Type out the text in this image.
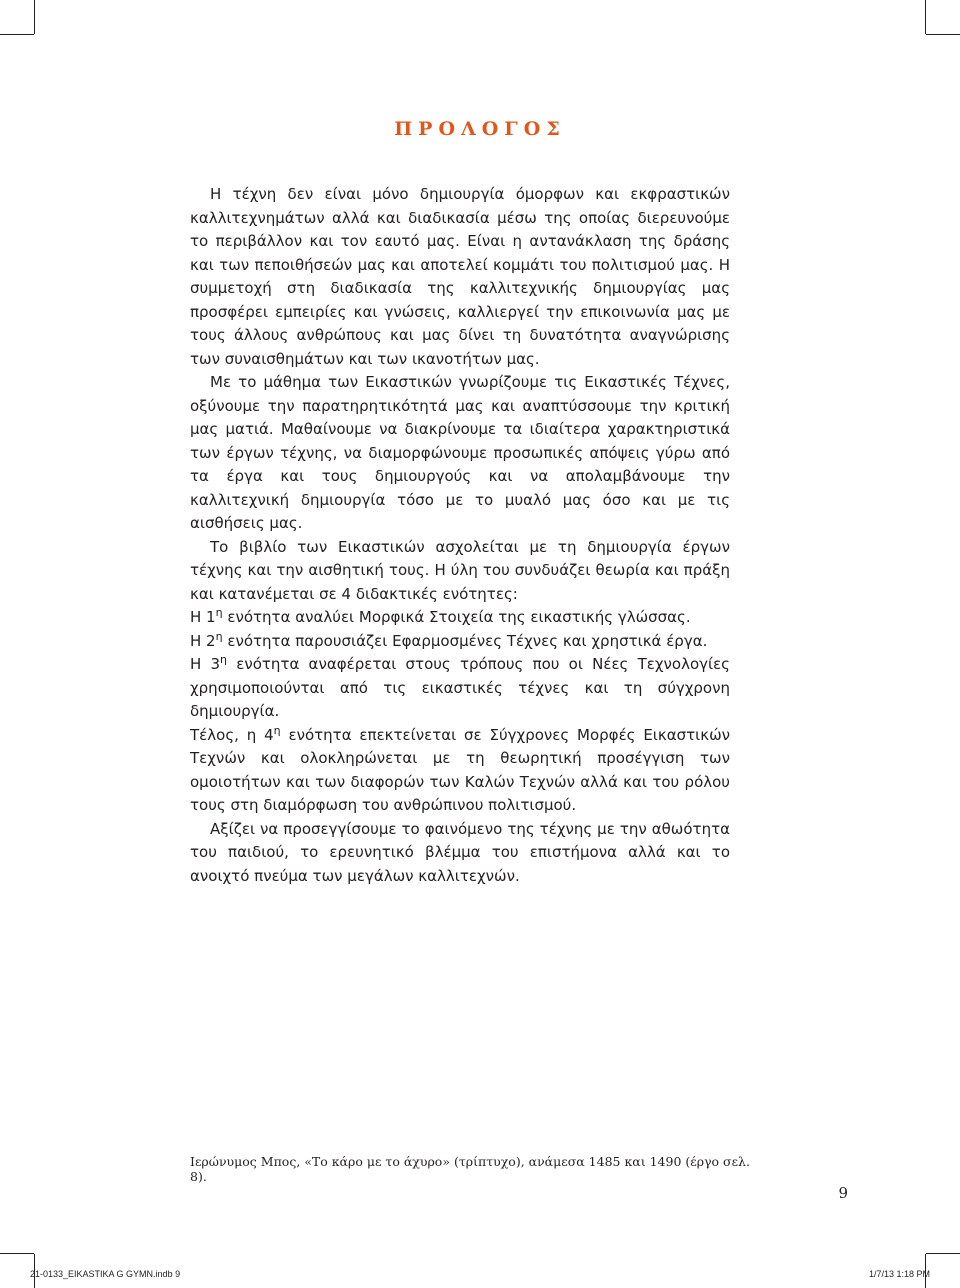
ΠΡΟΛΟΓΟΣ

Η τέχνη δεν είναι μόνο δημιουργία όμορφων και εκφραστικών καλλιτεχνημάτων αλλά και διαδικασία μέσω της οποίας διερευνούμε το περιβάλλον και τον εαυτό μας. Είναι η αντανάκλαση της δράσης και των πεποιθήσεών μας και αποτελεί κομμάτι του πολιτισμού μας. Η συμμετοχή στη διαδικασία της καλλιτεχνικής δημιουργίας μας προσφέρει εμπειρίες και γνώσεις, καλλιεργεί την επικοινωνία μας με τους άλλους ανθρώπους και μας δίνει τη δυνατότητα αναγνώρισης των συναισθημάτων και των ικανοτήτων μας.

Με το μάθημα των Εικαστικών γνωρίζουμε τις Εικαστικές Τέχνες, οξύνουμε την παρατηρητικότητά μας και αναπτύσσουμε την κριτική μας ματιά. Μαθαίνουμε να διακρίνουμε τα ιδιαίτερα χαρακτηριστικά των έργων τέχνης, να διαμορφώνουμε προσωπικές απόψεις γύρω από τα έργα και τους δημιουργούς και να απολαμβάνουμε την καλλιτεχνική δημιουργία τόσο με το μυαλό μας όσο και με τις αισθήσεις μας.

Το βιβλίο των Εικαστικών ασχολείται με τη δημιουργία έργων τέχνης και την αισθητική τους. Η ύλη του συνδυάζει θεωρία και πράξη και κατανέμεται σε 4 διδακτικές ενότητες:

Η $1^\eta$ ενότητα αναλύει Μορφικά Στοιχεία της εικαστικής γλώσσας.

Η $2^\eta$ ενότητα παρουσιάζει Εφαρμοσμένες Τέχνες και χρηστικά έργα.

Η $3^\eta$ ενότητα αναφέρεται στους τρόπους που οι Νέες Τεχνολογίες χρησιμοποιούνται από τις εικαστικές τέχνες και τη σύγχρονη δημιουργία.

Τέλος, η $4^\eta$ ενότητα επεκτείνεται σε Σύγχρονες Μορφές Εικαστικών Τεχνών και ολοκληρώνεται με τη θεωρητική προσέγγιση των ομοιοτήτων και των διαφορών των Καλών Τεχνών αλλά και του ρόλου τους στη διαμόρφωση του ανθρώπινου πολιτισμού.

Αξίζει να προσεγγίσουμε το φαινόμενο της τέχνης με την αθωότητα του παιδιού, το ερευνητικό βλέμμα του επιστήμονα αλλά και το ανοιχτό πνεύμα των μεγάλων καλλιτεχνών.

Ιερώνυμος Μπος, «Το κάρο με το άχυρο» (τρίπτυχο), ανάμεσα 1485 και 1490 (έργο σελ. 8).

9

21-0133_EIKASTIKA G GYMN.indb 9	1/7/13 1:18 PM
